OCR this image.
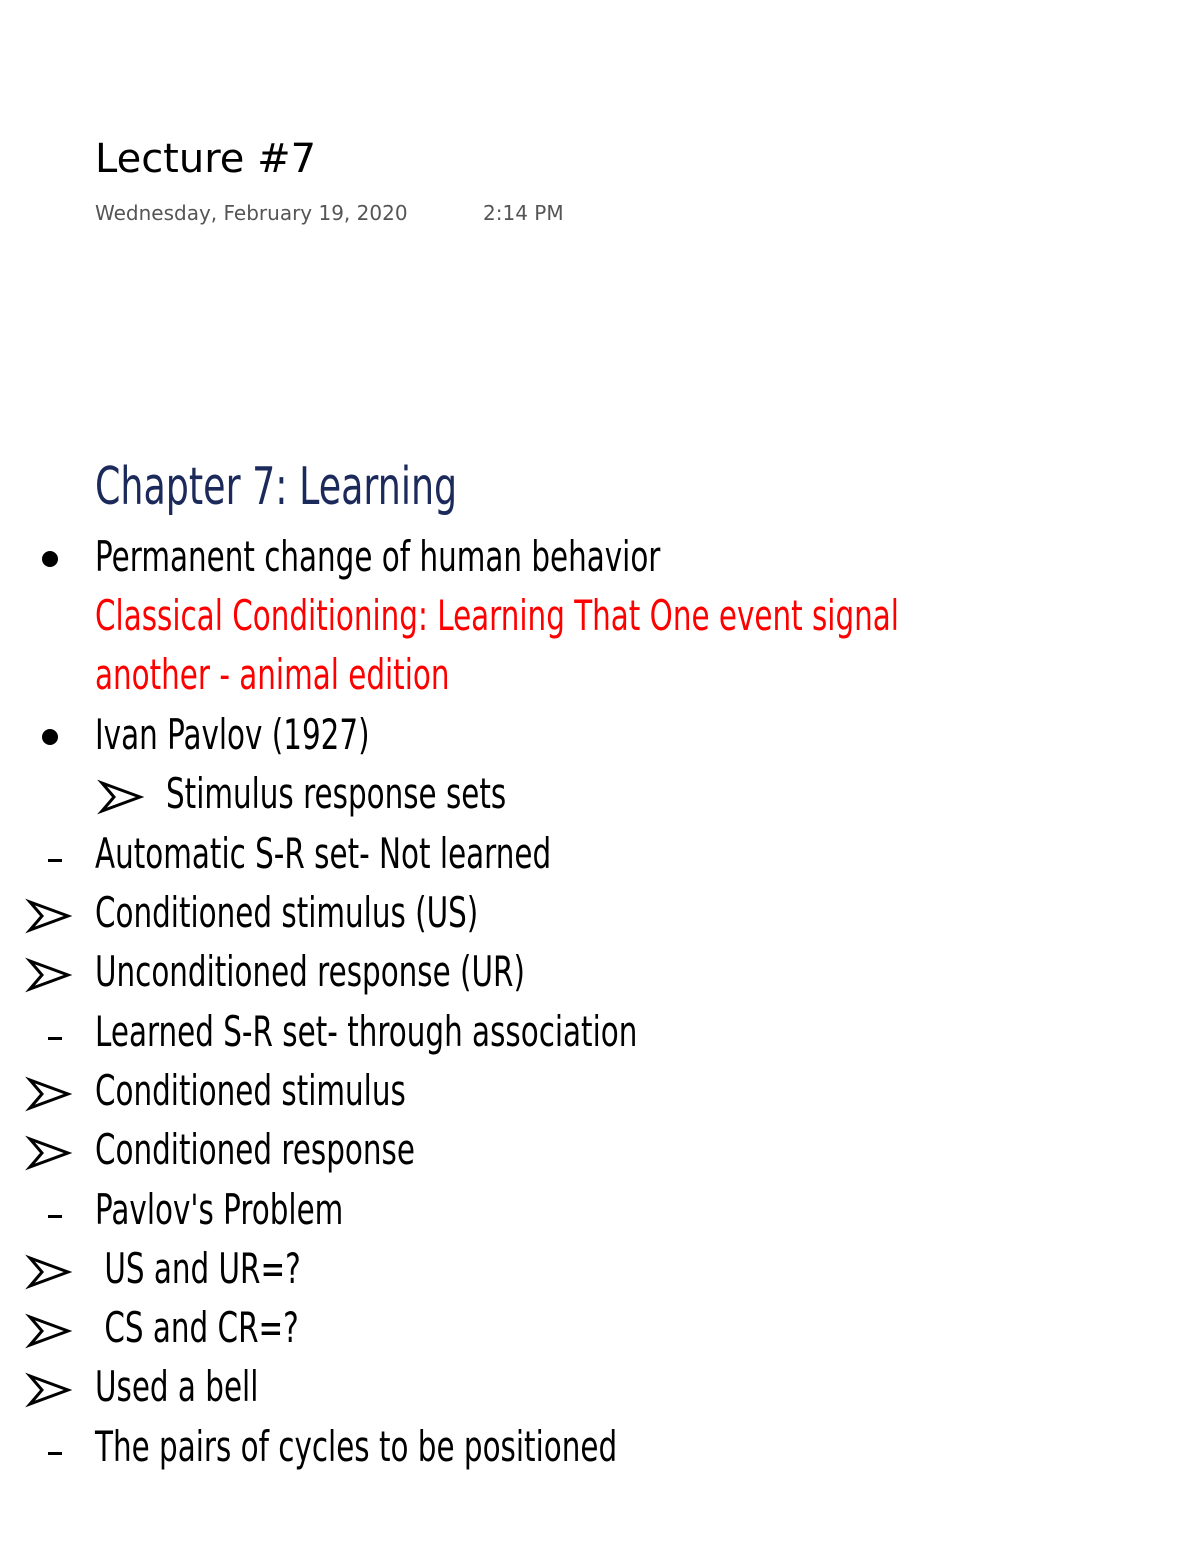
Lecture #7
Wednesday, February 19, 2020	2:14 PM
Chapter 7: Learning
Permanent change of human behavior
Classical Conditioning: Learning That One event signal
another - animal edition
Ivan Pavlov (1927)
Stimulus response sets
Automatic S-R set- Not learned
Conditioned stimulus (US)
Unconditioned response (UR)
Learned S-R set- through association
Conditioned stimulus
Conditioned response
Pavlov's Problem
US and UR=?
CS and CR=?
Used a bell
The pairs of cycles to be positioned
